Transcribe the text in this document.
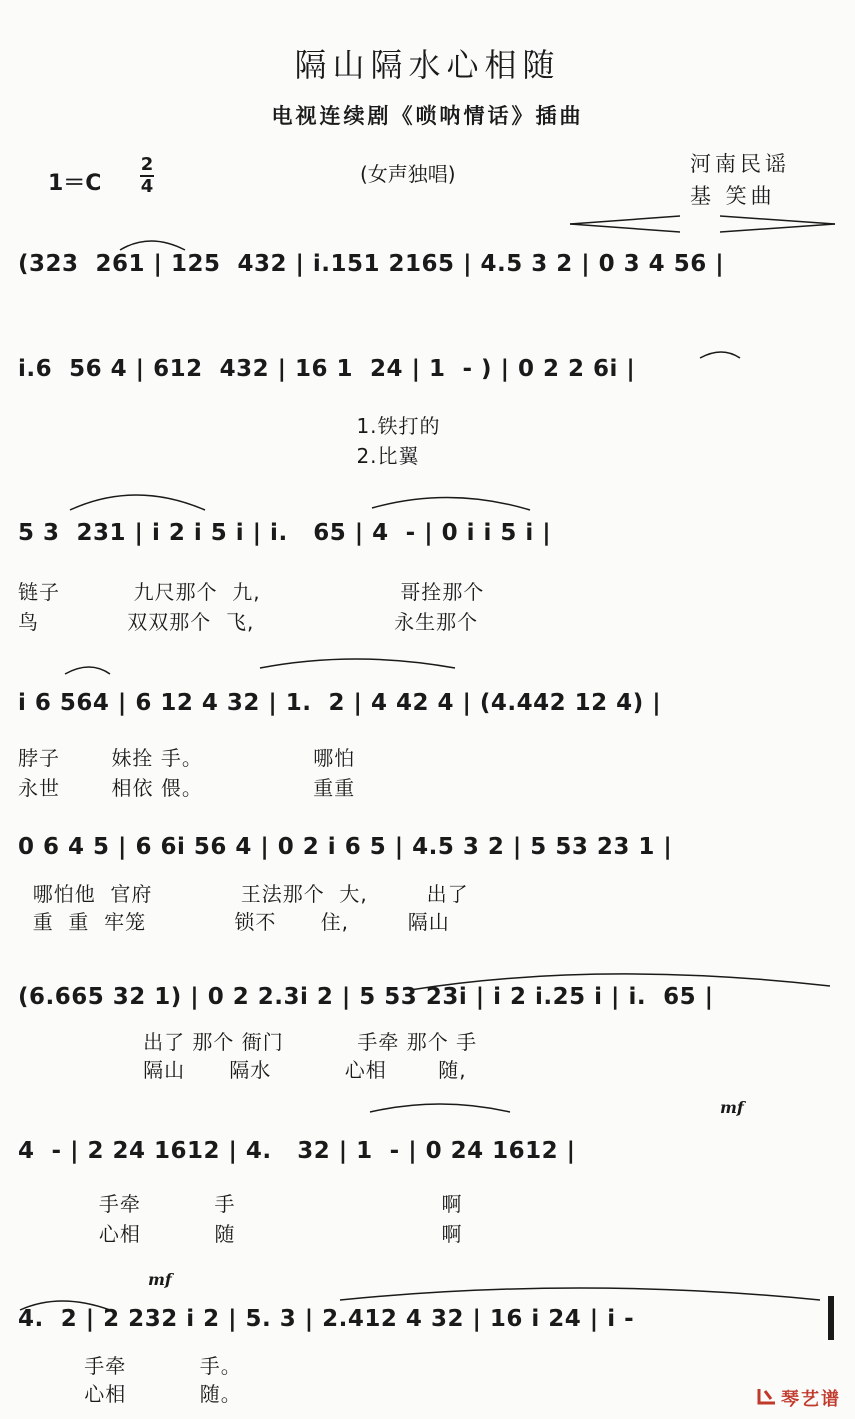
隔山隔水心相随
电视连续剧《唢呐情话》插曲
1＝C
2
4
(女声独唱)	河南民谣
基 笑曲
(323  261 | 125  432 | i.151 2165 | 4.5 3 2 | 0 3 4 56 |
i.6  56 4 | 612  432 | 16 1  24 | 1  - ) | 0 2 2 6i |
1.铁打的
2.比翼
5 3  231 | i 2 i 5 i | i.   65 | 4  - | 0 i i 5 i |
链子          九尺那个  九,                   哥拴那个
鸟            双双那个  飞,                   永生那个
i 6 564 | 6 12 4 32 | 1.  2 | 4 42 4 | (4.442 12 4) |
脖子       妹拴 手。               哪怕
永世       相依 偎。               重重
0 6 4 5 | 6 6i 56 4 | 0 2 i 6 5 | 4.5 3 2 | 5 53 23 1 |
哪怕他  官府            王法那个  大,        出了
重  重  牢笼            锁不      住,        隔山
(6.665 32 1) | 0 2 2.3i 2 | 5 53 23i | i 2 i.25 i | i.  65 |
出了 那个 衙门          手牵 那个 手
隔山      隔水          心相       随,
4  - | 2 24 1612 | 4.   32 | 1  - | 0 24 1612 |
手牵          手                            啊
心相          随                            啊
mf
4.  2 | 2 232 i 2 | 5. 3 | 2.412 4 32 | 16 i 24 | i -
手牵          手。
心相          随。
mf
琴艺谱
